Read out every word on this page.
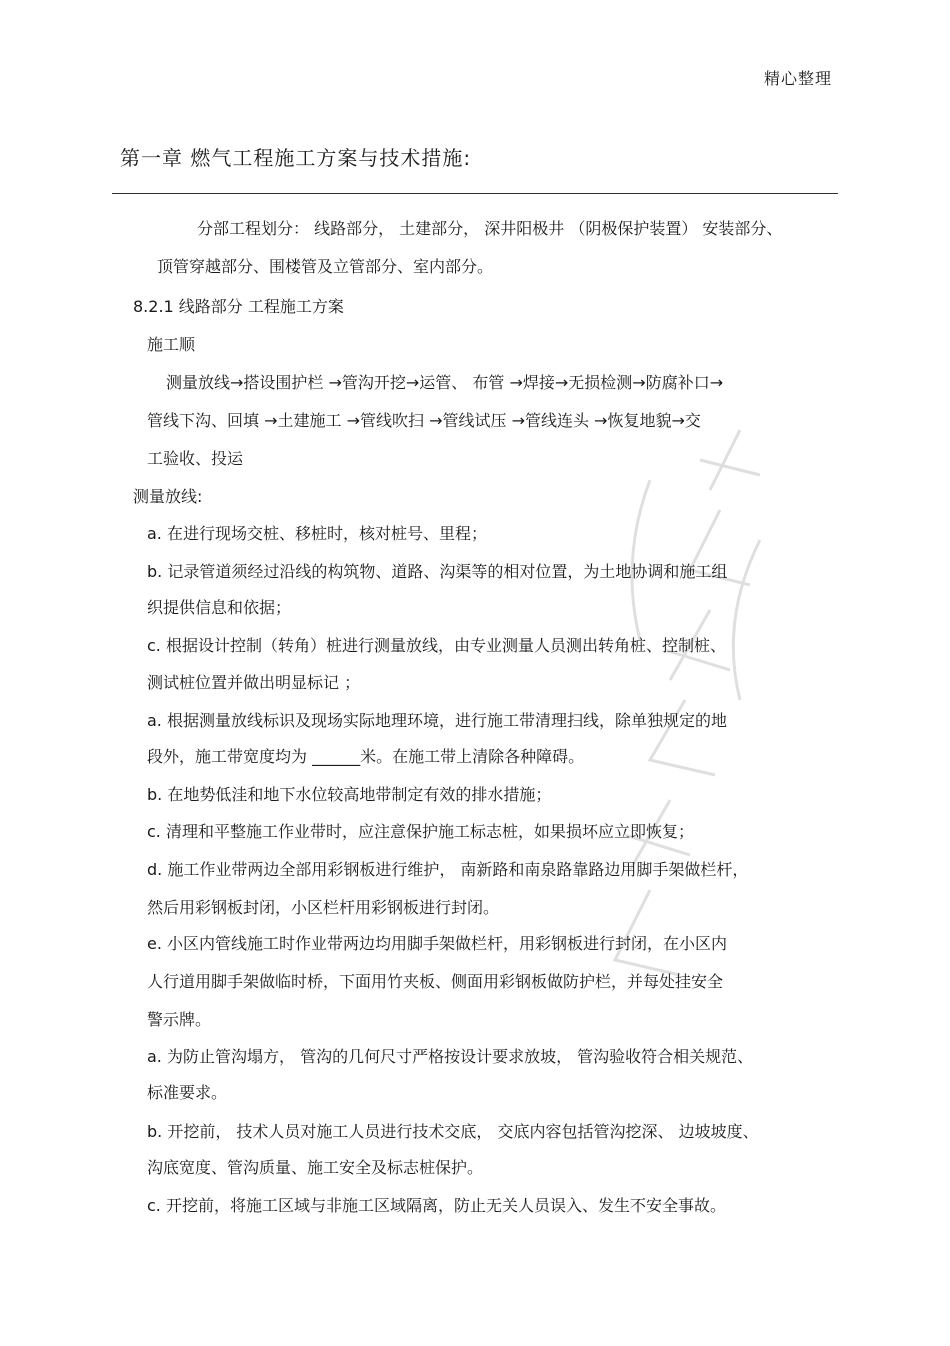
精心整理
第一章 燃气工程施工方案与技术措施:
分部工程划分： 线路部分， 土建部分， 深井阳极井 （阴极保护装置） 安装部分、
顶管穿越部分、围楼管及立管部分、室内部分。
8.2.1 线路部分 工程施工方案
施工顺
测量放线→搭设围护栏 →管沟开挖→运管、 布管 →焊接→无损检测→防腐补口→
管线下沟、回填 →土建施工 →管线吹扫 →管线试压 →管线连头 →恢复地貌→交
工验收、投运
测量放线:
a. 在进行现场交桩、移桩时，核对桩号、里程；
b. 记录管道须经过沿线的构筑物、道路、沟渠等的相对位置，为土地协调和施工组
织提供信息和依据；
c. 根据设计控制（转角）桩进行测量放线，由专业测量人员测出转角桩、控制桩、
测试桩位置并做出明显标记 ；
a. 根据测量放线标识及现场实际地理环境，进行施工带清理扫线，除单独规定的地
段外，施工带宽度均为 ______米。在施工带上清除各种障碍。
b. 在地势低洼和地下水位较高地带制定有效的排水措施；
c. 清理和平整施工作业带时，应注意保护施工标志桩，如果损坏应立即恢复；
d. 施工作业带两边全部用彩钢板进行维护， 南新路和南泉路靠路边用脚手架做栏杆，
然后用彩钢板封闭，小区栏杆用彩钢板进行封闭。
e. 小区内管线施工时作业带两边均用脚手架做栏杆，用彩钢板进行封闭，在小区内
人行道用脚手架做临时桥，下面用竹夹板、侧面用彩钢板做防护栏，并每处挂安全
警示牌。
a. 为防止管沟塌方， 管沟的几何尺寸严格按设计要求放坡， 管沟验收符合相关规范、
标准要求。
b. 开挖前， 技术人员对施工人员进行技术交底， 交底内容包括管沟挖深、 边坡坡度、
沟底宽度、管沟质量、施工安全及标志桩保护。
c. 开挖前，将施工区域与非施工区域隔离，防止无关人员误入、发生不安全事故。
